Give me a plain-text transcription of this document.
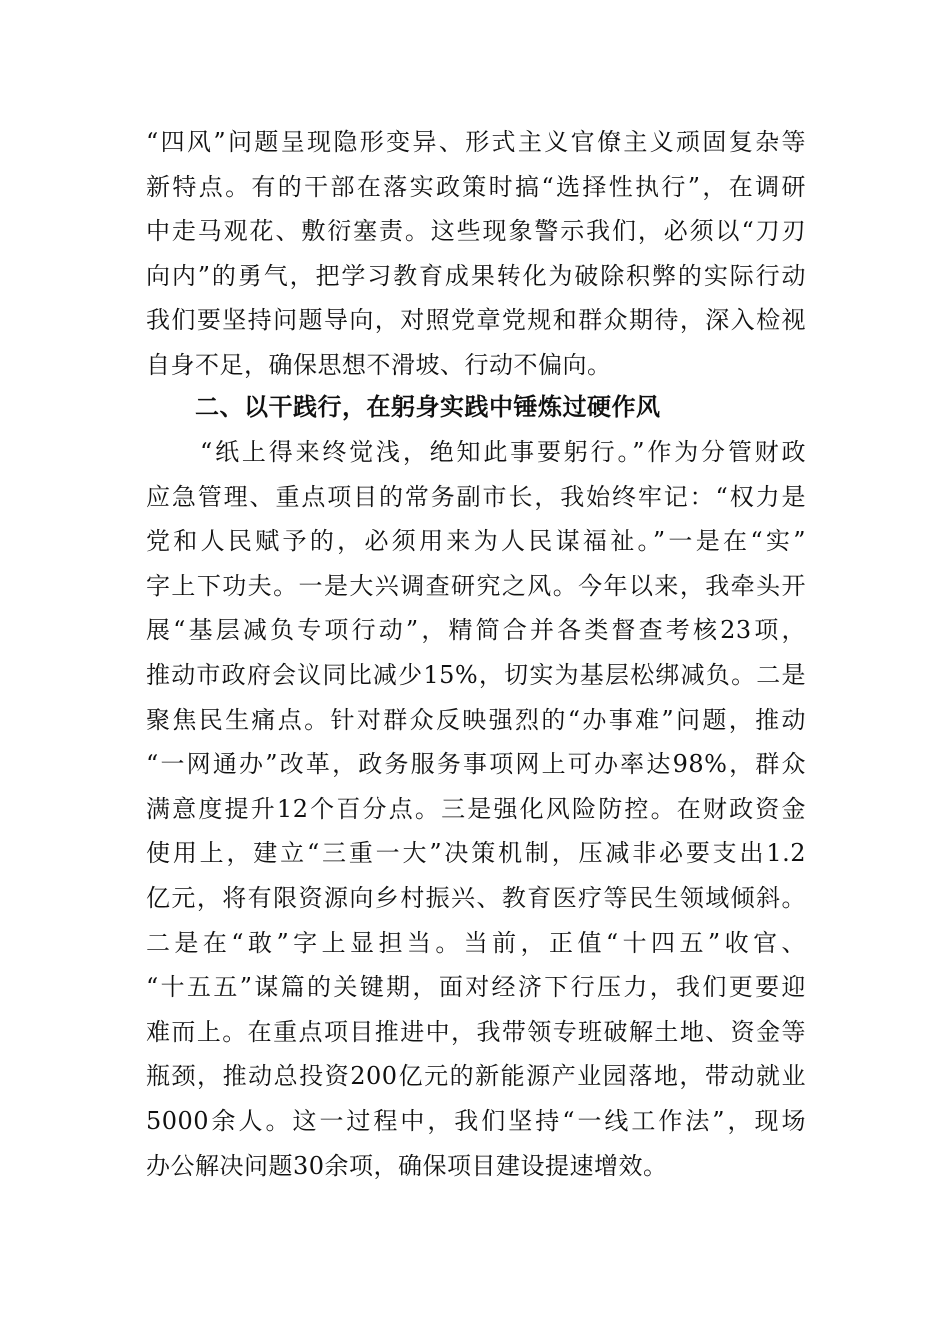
“四风”问题呈现隐形变异、形式主义官僚主义顽固复杂等
新特点。有的干部在落实政策时搞“选择性执行”，在调研
中走马观花、敷衍塞责。这些现象警示我们，必须以“刀刃
向内”的勇气，把学习教育成果转化为破除积弊的实际行动
我们要坚持问题导向，对照党章党规和群众期待，深入检视
自身不足，确保思想不滑坡、行动不偏向。
二、以干践行，在躬身实践中锤炼过硬作风
“纸上得来终觉浅，绝知此事要躬行。”作为分管财政
应急管理、重点项目的常务副市长，我始终牢记：“权力是
党和人民赋予的，必须用来为人民谋福祉。”一是在“实”
字上下功夫。一是大兴调查研究之风。今年以来，我牵头开
展“基层减负专项行动”，精简合并各类督查考核23项，
推动市政府会议同比减少15%，切实为基层松绑减负。二是
聚焦民生痛点。针对群众反映强烈的“办事难”问题，推动
“一网通办”改革，政务服务事项网上可办率达98%，群众
满意度提升12个百分点。三是强化风险防控。在财政资金
使用上，建立“三重一大”决策机制，压减非必要支出1.2
亿元，将有限资源向乡村振兴、教育医疗等民生领域倾斜。
二是在“敢”字上显担当。当前，正值“十四五”收官、
“十五五”谋篇的关键期，面对经济下行压力，我们更要迎
难而上。在重点项目推进中，我带领专班破解土地、资金等
瓶颈，推动总投资200亿元的新能源产业园落地，带动就业
5000余人。这一过程中，我们坚持“一线工作法”，现场
办公解决问题30余项，确保项目建设提速增效。
